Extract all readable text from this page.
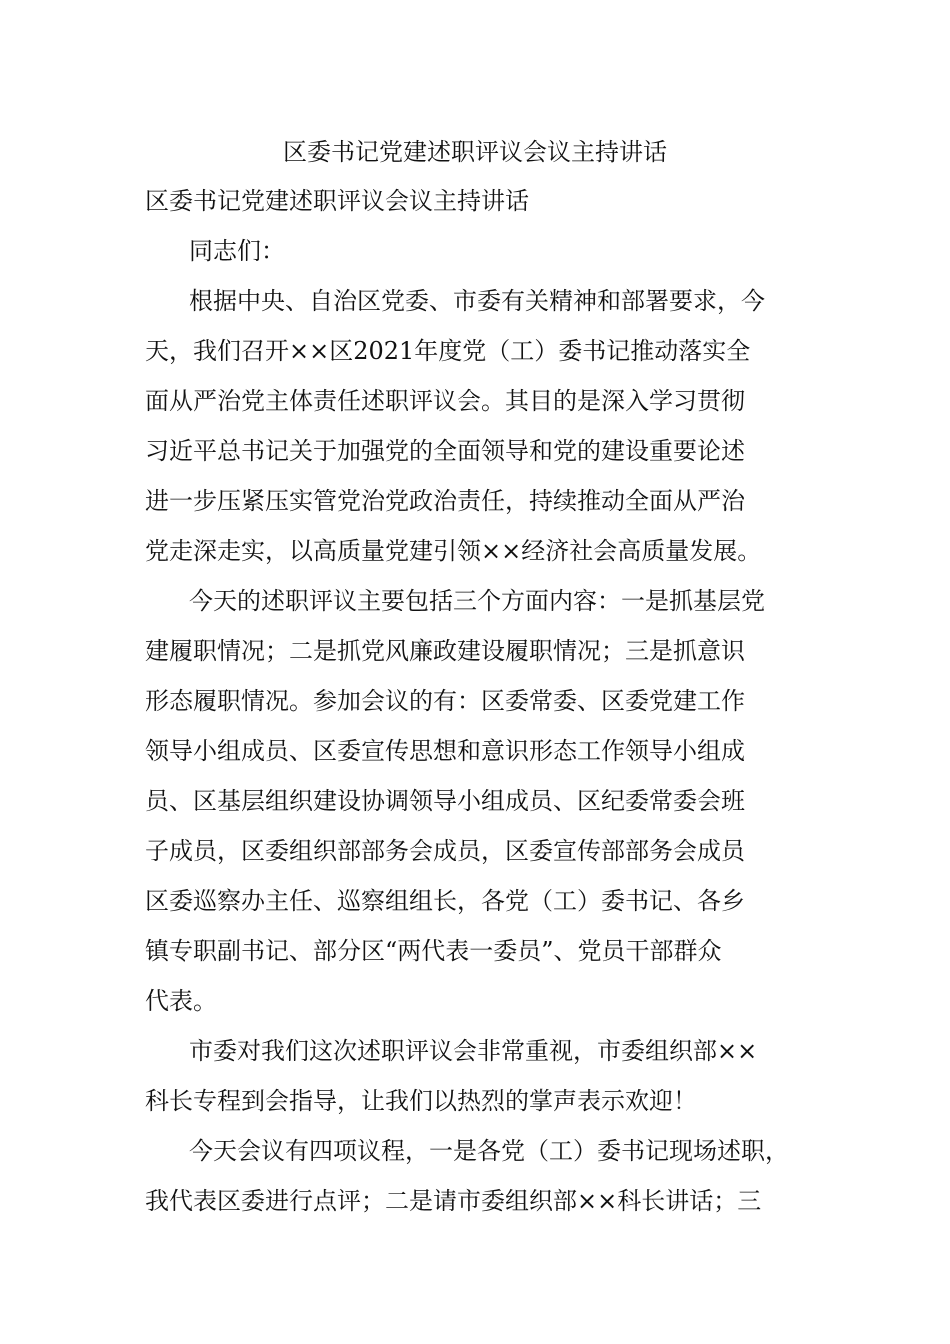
区委书记党建述职评议会议主持讲话
区委书记党建述职评议会议主持讲话
同志们：
根据中央、自治区党委、市委有关精神和部署要求，今
天，我们召开××区2021年度党（工）委书记推动落实全
面从严治党主体责任述职评议会。其目的是深入学习贯彻
习近平总书记关于加强党的全面领导和党的建设重要论述
进一步压紧压实管党治党政治责任，持续推动全面从严治
党走深走实，以高质量党建引领××经济社会高质量发展。
今天的述职评议主要包括三个方面内容：一是抓基层党
建履职情况；二是抓党风廉政建设履职情况；三是抓意识
形态履职情况。参加会议的有：区委常委、区委党建工作
领导小组成员、区委宣传思想和意识形态工作领导小组成
员、区基层组织建设协调领导小组成员、区纪委常委会班
子成员，区委组织部部务会成员，区委宣传部部务会成员
区委巡察办主任、巡察组组长，各党（工）委书记、各乡
镇专职副书记、部分区“两代表一委员”、党员干部群众
代表。
市委对我们这次述职评议会非常重视，市委组织部××
科长专程到会指导，让我们以热烈的掌声表示欢迎！
今天会议有四项议程，一是各党（工）委书记现场述职，
我代表区委进行点评；二是请市委组织部××科长讲话；三
